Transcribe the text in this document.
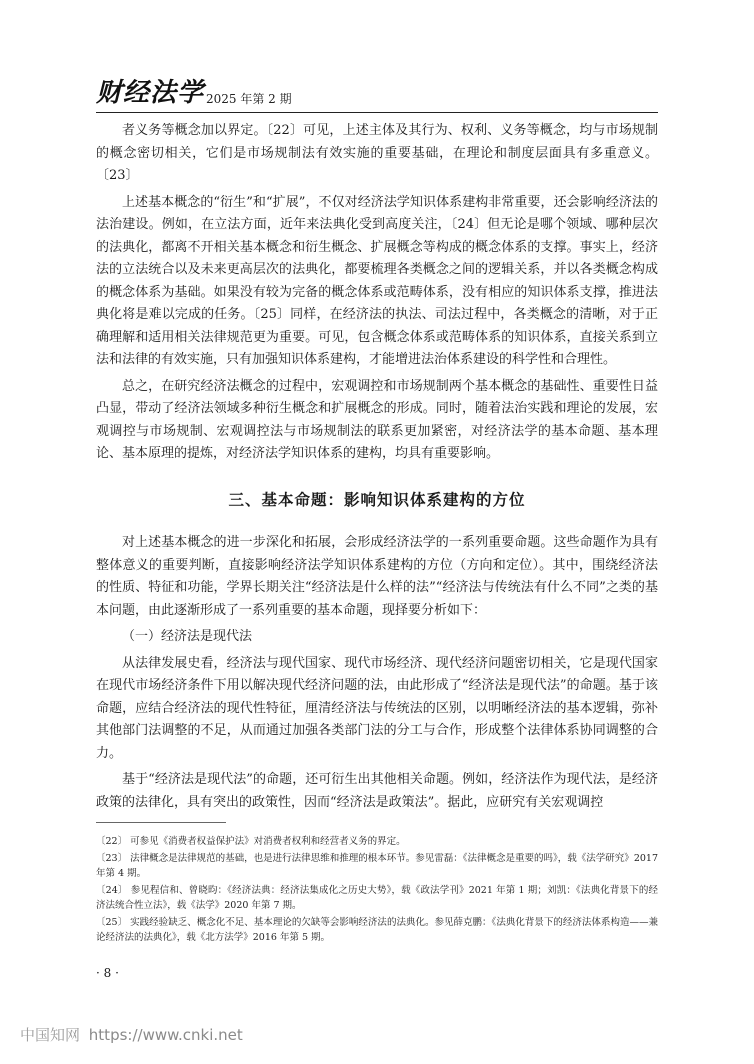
财经法学 2025 年第 2 期

者义务等概念加以界定。〔22〕可见，上述主体及其行为、权利、义务等概念，均与市场规制的概念密切相关，它们是市场规制法有效实施的重要基础，在理论和制度层面具有多重意义。〔23〕

上述基本概念的“衍生”和“扩展”，不仅对经济法学知识体系建构非常重要，还会影响经济法的法治建设。例如，在立法方面，近年来法典化受到高度关注，〔24〕但无论是哪个领域、哪种层次的法典化，都离不开相关基本概念和衍生概念、扩展概念等构成的概念体系的支撑。事实上，经济法的立法统合以及未来更高层次的法典化，都要梳理各类概念之间的逻辑关系，并以各类概念构成的概念体系为基础。如果没有较为完备的概念体系或范畴体系，没有相应的知识体系支撑，推进法典化将是难以完成的任务。〔25〕同样，在经济法的执法、司法过程中，各类概念的清晰，对于正确理解和适用相关法律规范更为重要。可见，包含概念体系或范畴体系的知识体系，直接关系到立法和法律的有效实施，只有加强知识体系建构，才能增进法治体系建设的科学性和合理性。

总之，在研究经济法概念的过程中，宏观调控和市场规制两个基本概念的基础性、重要性日益凸显，带动了经济法领域多种衍生概念和扩展概念的形成。同时，随着法治实践和理论的发展，宏观调控与市场规制、宏观调控法与市场规制法的联系更加紧密，对经济法学的基本命题、基本理论、基本原理的提炼，对经济法学知识体系的建构，均具有重要影响。

三、基本命题：影响知识体系建构的方位

对上述基本概念的进一步深化和拓展，会形成经济法学的一系列重要命题。这些命题作为具有整体意义的重要判断，直接影响经济法学知识体系建构的方位（方向和定位）。其中，围绕经济法的性质、特征和功能，学界长期关注“经济法是什么样的法”“经济法与传统法有什么不同”之类的基本问题，由此逐渐形成了一系列重要的基本命题，现择要分析如下：

（一）经济法是现代法

从法律发展史看，经济法与现代国家、现代市场经济、现代经济问题密切相关，它是现代国家在现代市场经济条件下用以解决现代经济问题的法，由此形成了“经济法是现代法”的命题。基于该命题，应结合经济法的现代性特征，厘清经济法与传统法的区别，以明晰经济法的基本逻辑，弥补其他部门法调整的不足，从而通过加强各类部门法的分工与合作，形成整个法律体系协同调整的合力。

基于“经济法是现代法”的命题，还可衍生出其他相关命题。例如，经济法作为现代法，是经济政策的法律化，具有突出的政策性，因而“经济法是政策法”。据此，应研究有关宏观调控

〔22〕 可参见《消费者权益保护法》对消费者权利和经营者义务的界定。

〔23〕 法律概念是法律规范的基础，也是进行法律思维和推理的根本环节。参见雷磊：《法律概念是重要的吗》，载《法学研究》2017 年第 4 期。

〔24〕 参见程信和、曾晓昀：《经济法典：经济法集成化之历史大势》，载《政法学刊》2021 年第 1 期；刘凯：《法典化背景下的经济法统合性立法》，载《法学》2020 年第 7 期。

〔25〕 实践经验缺乏、概念化不足、基本理论的欠缺等会影响经济法的法典化。参见薛克鹏：《法典化背景下的经济法体系构造——兼论经济法的法典化》，载《北方法学》2016 年第 5 期。

· 8 ·
中国知网 https://www.cnki.net
